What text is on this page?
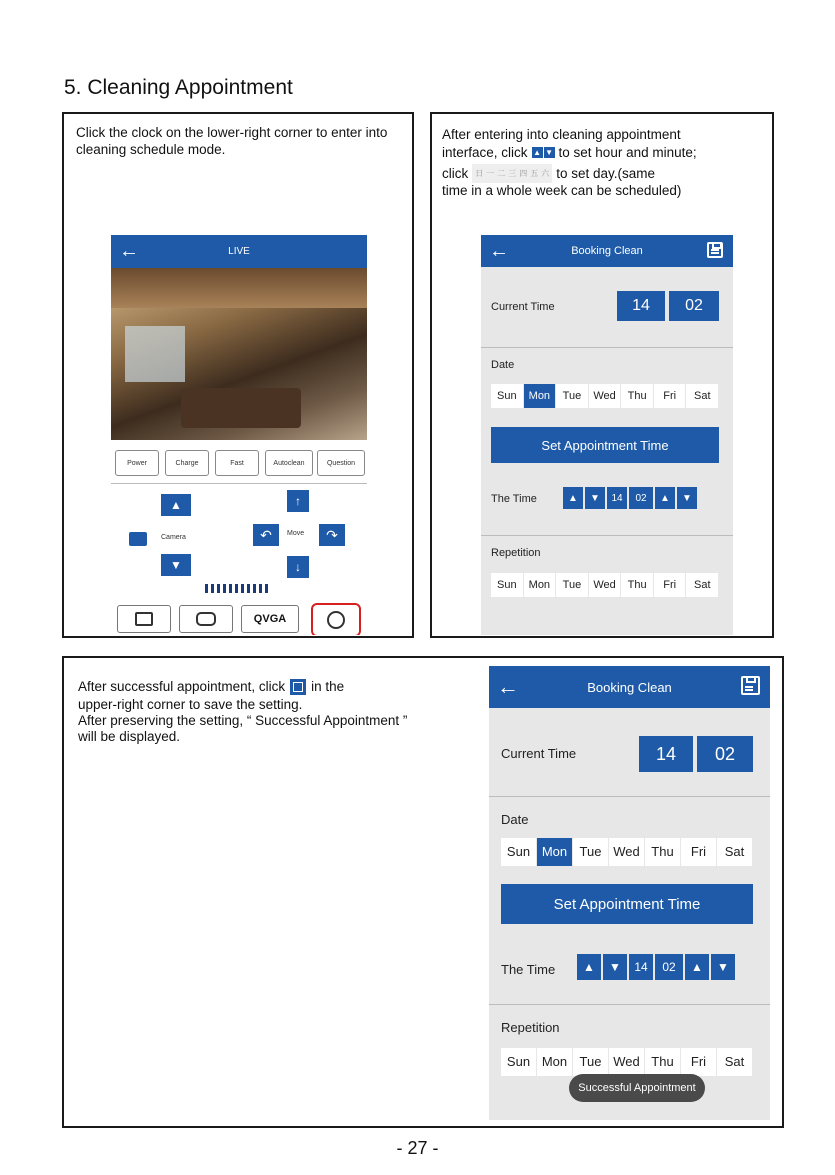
5. Cleaning Appointment
Click the clock on the lower-right corner to enter into cleaning schedule mode.
←	LIVE
Power	Charge	Fast	Autoclean	Question
▲
Camera
▼
↑
↶	Move	↷
↓
QVGA
After entering into cleaning appointment
interface, click ▲ ▼ to set hour and minute;
click 日 一 二 三 四 五 六 to set day.(same
time in a whole week can be scheduled)
←	Booking Clean
Current Time	14	02
Date
Sun	Mon	Tue	Wed	Thu	Fri	Sat
Set Appointment Time
The Time	▲	▼	14	02	▲	▼
Repetition
Sun	Mon	Tue	Wed	Thu	Fri	Sat
After successful appointment, click in the
upper-right corner to save the setting.
After preserving the setting, “ Successful Appointment ”
will be displayed.
←	Booking Clean
Current Time	14	02
Date
Sun Mon Tue Wed Thu	Fri	Sat
Set Appointment Time
The Time	▲	▼	14	02	▲	▼
Repetition
Sun Mon Tue Wed Thu	Fri	Sat
Successful Appointment
- 27 -
